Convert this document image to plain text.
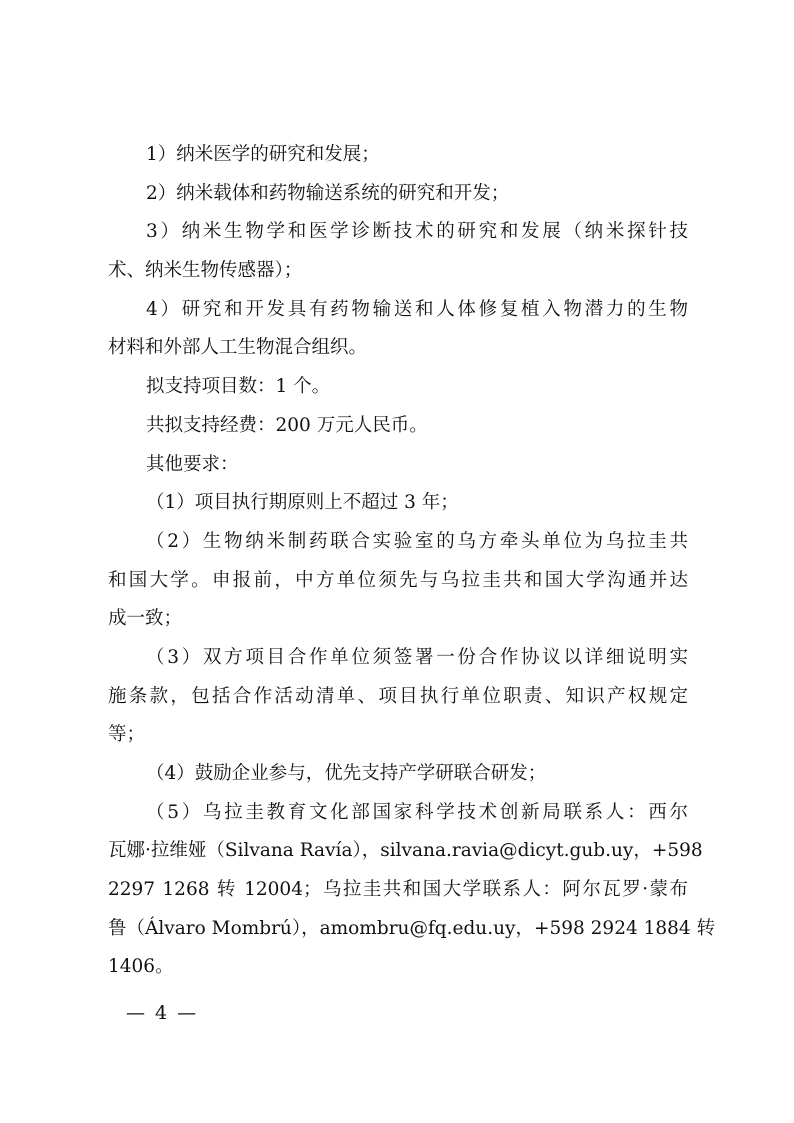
1）纳米医学的研究和发展；
2）纳米载体和药物输送系统的研究和开发；
3）纳米生物学和医学诊断技术的研究和发展（纳米探针技
术、纳米生物传感器）；
4）研究和开发具有药物输送和人体修复植入物潜力的生物
材料和外部人工生物混合组织。
拟支持项目数：1 个。
共拟支持经费：200 万元人民币。
其他要求：
（1）项目执行期原则上不超过 3 年；
（2）生物纳米制药联合实验室的乌方牵头单位为乌拉圭共
和国大学。申报前，中方单位须先与乌拉圭共和国大学沟通并达
成一致；
（3）双方项目合作单位须签署一份合作协议以详细说明实
施条款，包括合作活动清单、项目执行单位职责、知识产权规定
等；
（4）鼓励企业参与，优先支持产学研联合研发；
（5）乌拉圭教育文化部国家科学技术创新局联系人：西尔
瓦娜·拉维娅（Silvana Ravía），silvana.ravia@dicyt.gub.uy，+598
2297 1268 转 12004；乌拉圭共和国大学联系人：阿尔瓦罗·蒙布
鲁（Álvaro Mombrú），amombru@fq.edu.uy，+598 2924 1884 转
1406。
— 4 —
